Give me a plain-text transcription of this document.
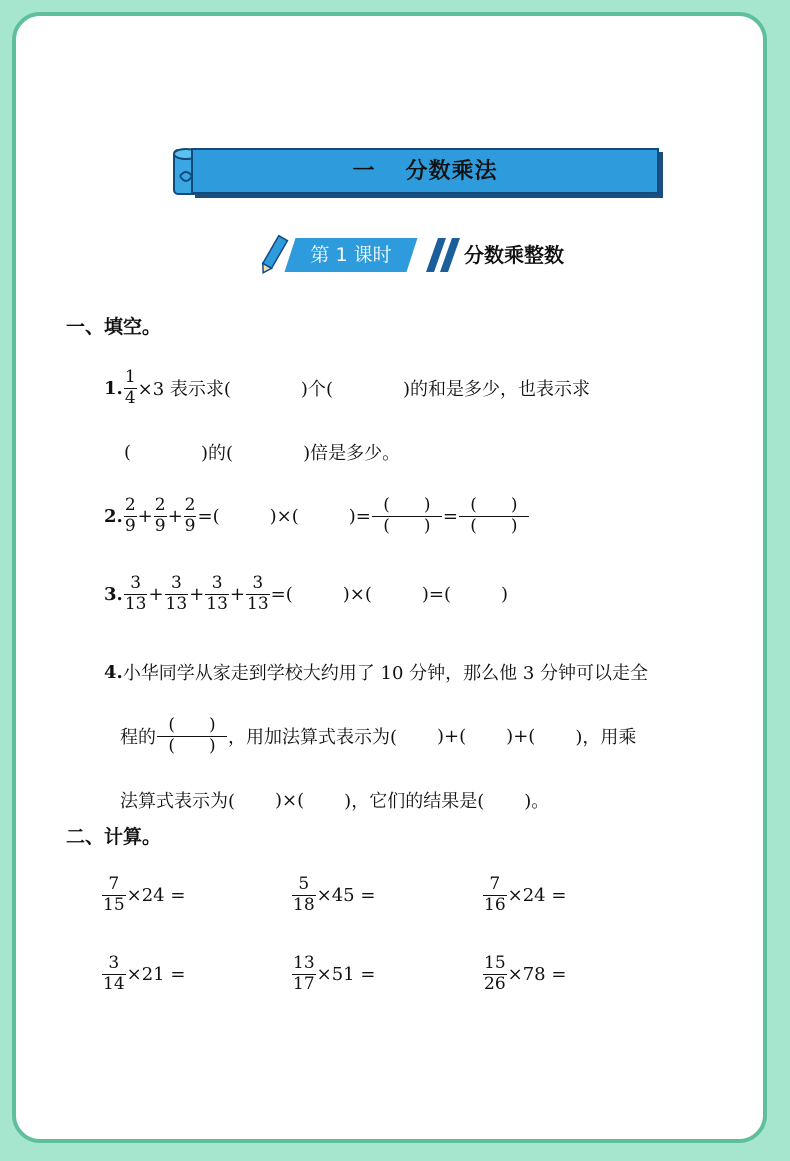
一 分数乘法
第 1 课时	分数乘整数
一、填空。
1 . $\frac{1}{4} \times 3$ 表示求(	)个(	)的和是多少，也表示求
(	)的(	)倍是多少。
2 . $\frac{2}{9} + \frac{2}{9} + \frac{2}{9}$ =(	)×(	)= $\frac{( )}{( )} = \frac{( )}{( )}$
3 . $\frac{3}{13} + \frac{3}{13} + \frac{3}{13} + \frac{3}{13}$ =(	)×(	)=(	)
4 . 小华同学从家走到学校大约用了 10 分钟，那么他 3 分钟可以走全
程的 $\frac{( )}{( )}$ ，用加法算式表示为( )+( )+( )，用乘
法算式表示为( )×( )，它们的结果是( )。
二、计算。
$\frac{7}{15} \times 24$ =	$\frac{5}{18} \times 45$ =	$\frac{7}{16} \times 24$ =
$\frac{3}{14} \times 21$ =	$\frac{13}{17} \times 51$ =	$\frac{15}{26} \times 78$ =
